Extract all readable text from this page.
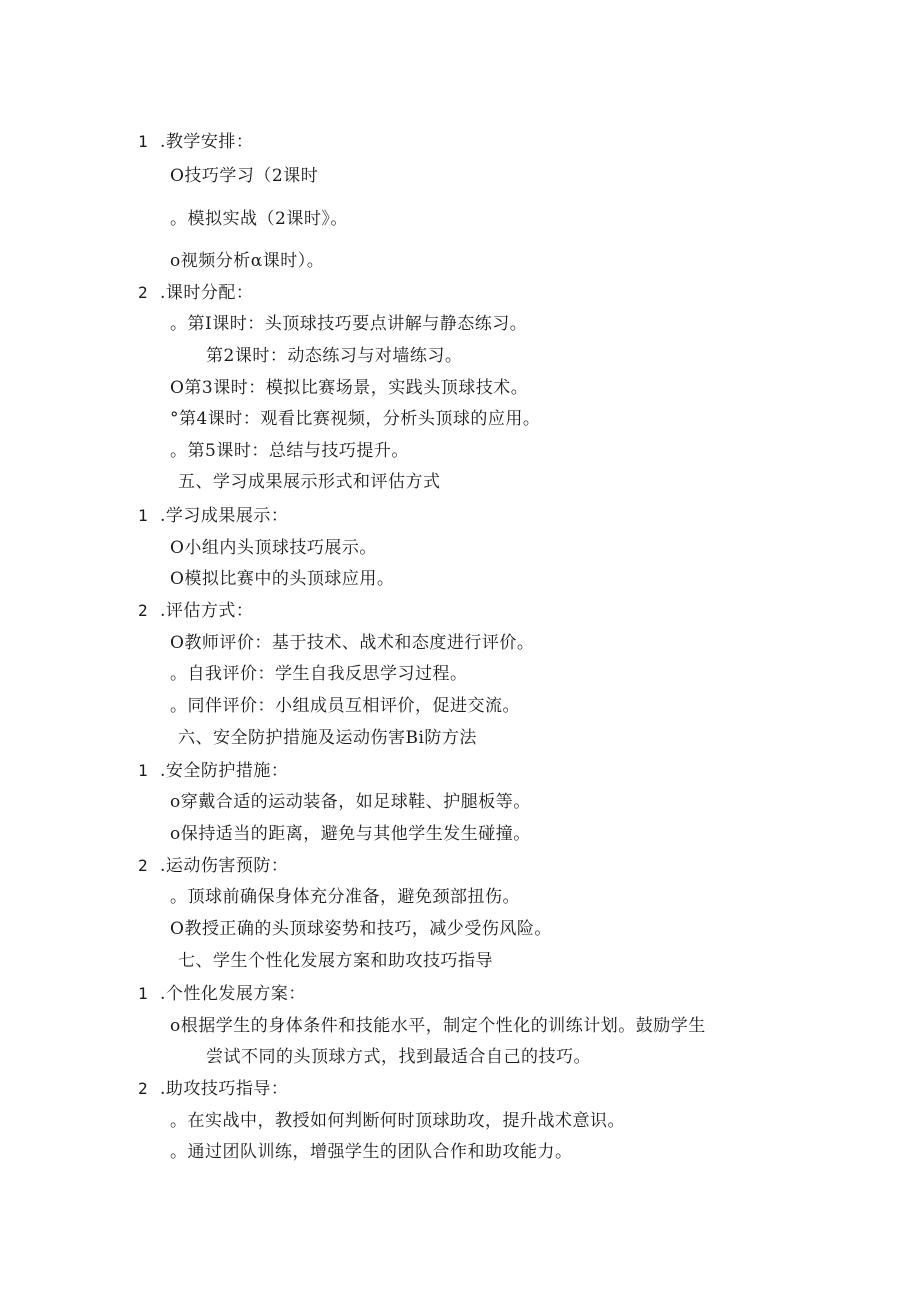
1 .教学安排：
O技巧学习（2课时
。模拟实战（2课时》。
o视频分析α课时）。
2 .课时分配：
。第I课时：头顶球技巧要点讲解与静态练习。
第2课时：动态练习与对墙练习。
O第3课时：模拟比赛场景，实践头顶球技术。
°第4课时：观看比赛视频，分析头顶球的应用。
。第5课时：总结与技巧提升。
五、学习成果展示形式和评估方式
1 .学习成果展示：
O小组内头顶球技巧展示。
O模拟比赛中的头顶球应用。
2 .评估方式：
O教师评价：基于技术、战术和态度进行评价。
。自我评价：学生自我反思学习过程。
。同伴评价：小组成员互相评价，促进交流。
六、安全防护措施及运动伤害Bi防方法
1 .安全防护措施：
o穿戴合适的运动装备，如足球鞋、护腿板等。
o保持适当的距离，避免与其他学生发生碰撞。
2 .运动伤害预防：
。顶球前确保身体充分准备，避免颈部扭伤。
O教授正确的头顶球姿势和技巧，减少受伤风险。
七、学生个性化发展方案和助攻技巧指导
1 .个性化发展方案：
o根据学生的身体条件和技能水平，制定个性化的训练计划。鼓励学生
尝试不同的头顶球方式，找到最适合自己的技巧。
2 .助攻技巧指导：
。在实战中，教授如何判断何时顶球助攻，提升战术意识。
。通过团队训练，增强学生的团队合作和助攻能力。
